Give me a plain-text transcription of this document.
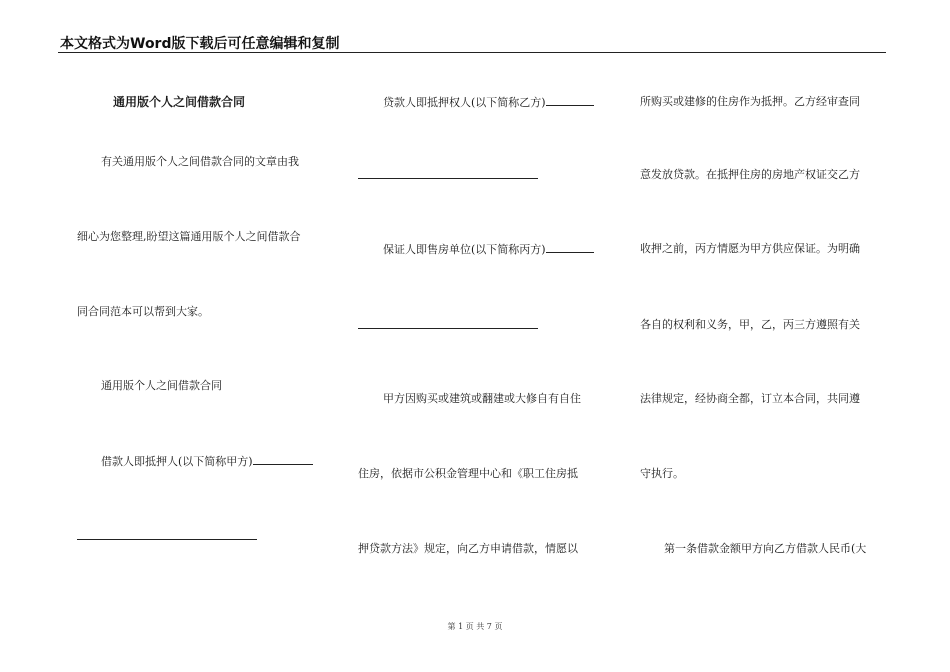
本文格式为Word版下载后可任意编辑和复制
通用版个人之间借款合同
有关通用版个人之间借款合同的文章由我
细心为您整理,盼望这篇通用版个人之间借款合
同合同范本可以帮到大家。
通用版个人之间借款合同
借款人即抵押人(以下简称甲方)
贷款人即抵押权人(以下简称乙方)
保证人即售房单位(以下简称丙方)
甲方因购买或建筑或翻建或大修自有自住
住房，依据市公积金管理中心和《职工住房抵
押贷款方法》规定，向乙方申请借款，情愿以
所购买或建修的住房作为抵押。乙方经审查同
意发放贷款。在抵押住房的房地产权证交乙方
收押之前，丙方情愿为甲方供应保证。为明确
各自的权利和义务，甲，乙，丙三方遵照有关
法律规定，经协商全都，订立本合同，共同遵
守执行。
第一条借款金额甲方向乙方借款人民币(大
第 1 页 共 7 页
